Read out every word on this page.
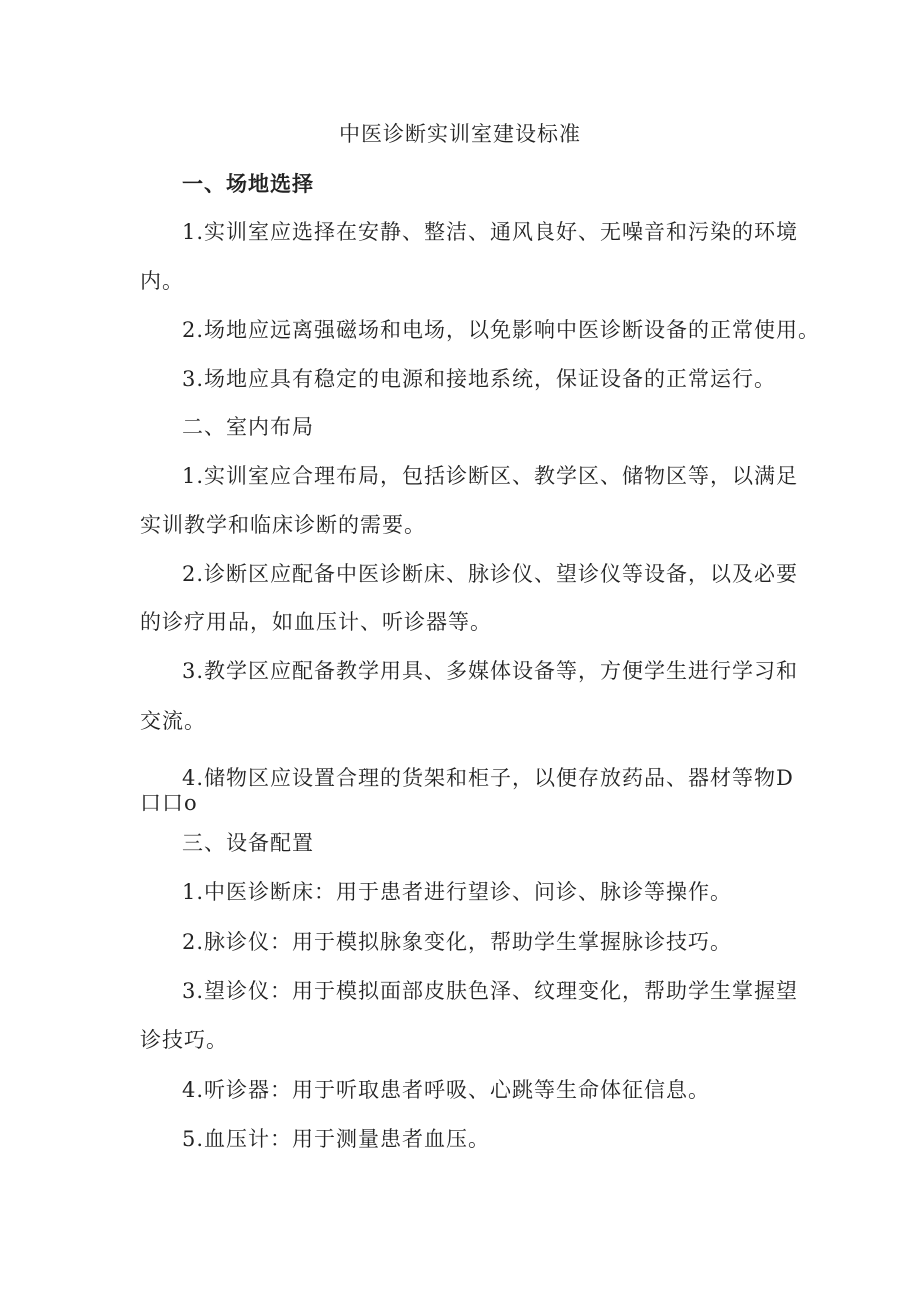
中医诊断实训室建设标准
一、场地选择
1.实训室应选择在安静、整洁、通风良好、无噪音和污染的环境
内。
2.场地应远离强磁场和电场，以免影响中医诊断设备的正常使用。
3.场地应具有稳定的电源和接地系统，保证设备的正常运行。
二、室内布局
1.实训室应合理布局，包括诊断区、教学区、储物区等，以满足
实训教学和临床诊断的需要。
2.诊断区应配备中医诊断床、脉诊仪、望诊仪等设备，以及必要
的诊疗用品，如血压计、听诊器等。
3.教学区应配备教学用具、多媒体设备等，方便学生进行学习和
交流。
4.储物区应设置合理的货架和柜子，以便存放药品、器材等物D
口口o
三、设备配置
1.中医诊断床：用于患者进行望诊、问诊、脉诊等操作。
2.脉诊仪：用于模拟脉象变化，帮助学生掌握脉诊技巧。
3.望诊仪：用于模拟面部皮肤色泽、纹理变化，帮助学生掌握望
诊技巧。
4.听诊器：用于听取患者呼吸、心跳等生命体征信息。
5.血压计：用于测量患者血压。
